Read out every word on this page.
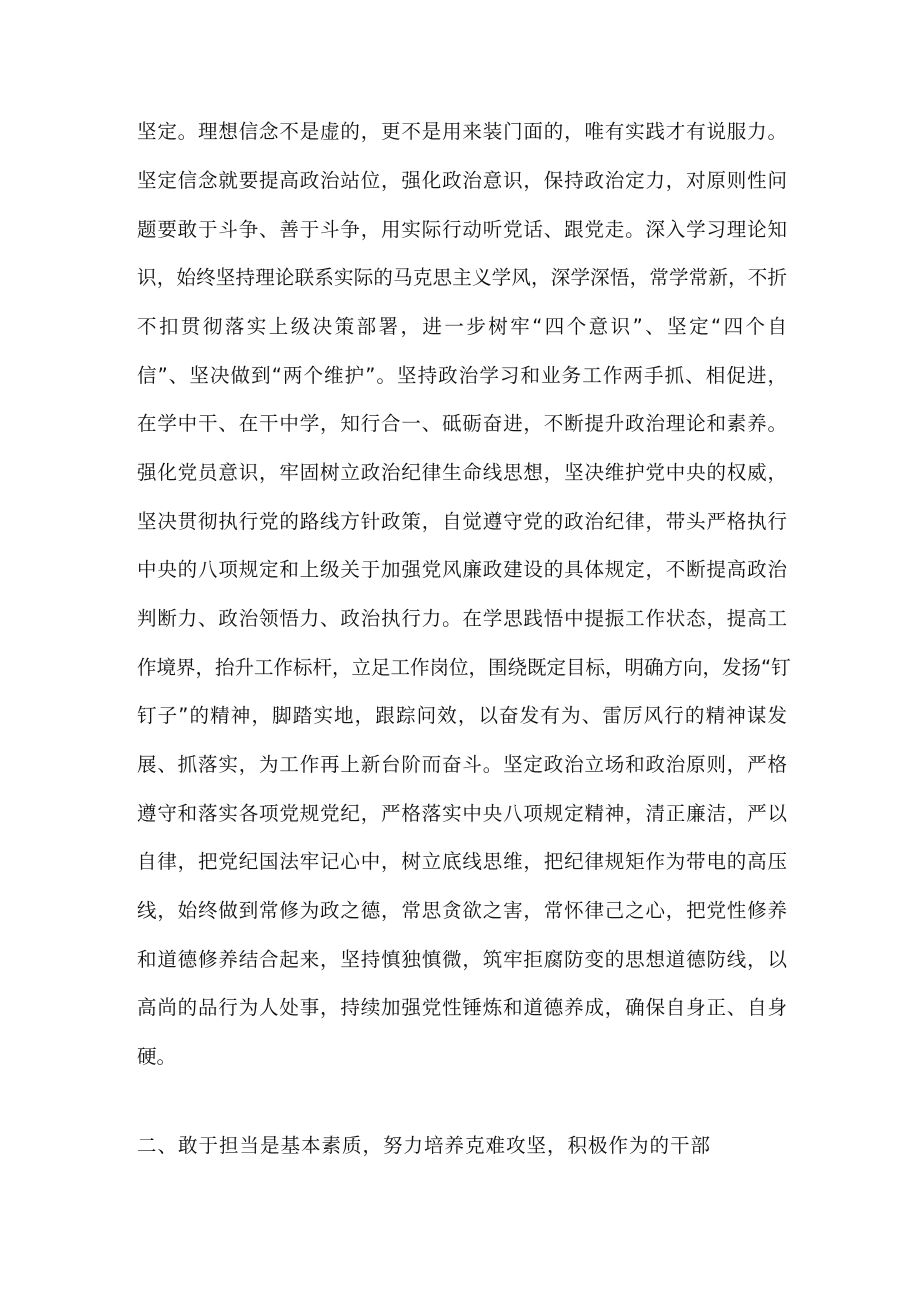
坚定。理想信念不是虚的，更不是用来装门面的，唯有实践才有说服力。
坚定信念就要提高政治站位，强化政治意识，保持政治定力，对原则性问
题要敢于斗争、善于斗争，用实际行动听党话、跟党走。深入学习理论知
识，始终坚持理论联系实际的马克思主义学风，深学深悟，常学常新，不折
不扣贯彻落实上级决策部署，进一步树牢“四个意识”、坚定“四个自
信”、坚决做到“两个维护”。坚持政治学习和业务工作两手抓、相促进，
在学中干、在干中学，知行合一、砥砺奋进，不断提升政治理论和素养。
强化党员意识，牢固树立政治纪律生命线思想，坚决维护党中央的权威，
坚决贯彻执行党的路线方针政策，自觉遵守党的政治纪律，带头严格执行
中央的八项规定和上级关于加强党风廉政建设的具体规定，不断提高政治
判断力、政治领悟力、政治执行力。在学思践悟中提振工作状态，提高工
作境界，抬升工作标杆，立足工作岗位，围绕既定目标，明确方向，发扬“钉
钉子”的精神，脚踏实地，跟踪问效，以奋发有为、雷厉风行的精神谋发
展、抓落实，为工作再上新台阶而奋斗。坚定政治立场和政治原则，严格
遵守和落实各项党规党纪，严格落实中央八项规定精神，清正廉洁，严以
自律，把党纪国法牢记心中，树立底线思维，把纪律规矩作为带电的高压
线，始终做到常修为政之德，常思贪欲之害，常怀律己之心，把党性修养
和道德修养结合起来，坚持慎独慎微，筑牢拒腐防变的思想道德防线，以
高尚的品行为人处事，持续加强党性锤炼和道德养成，确保自身正、自身
硬。
二、敢于担当是基本素质，努力培养克难攻坚，积极作为的干部
